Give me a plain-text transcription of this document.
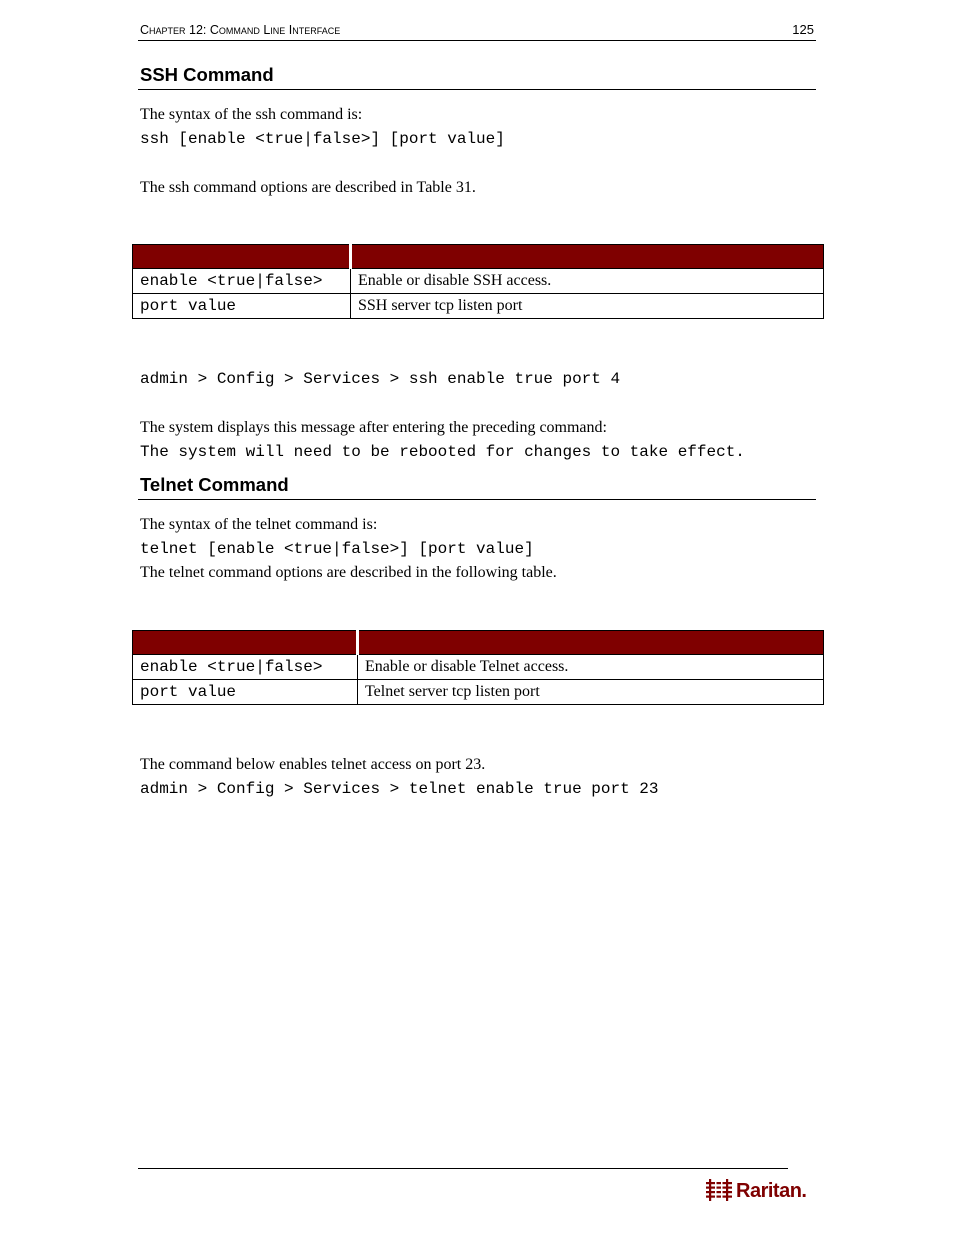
Chapter 12: Command Line Interface	125
SSH Command
The syntax of the ssh command is:
ssh [enable <true|false>] [port value]
The ssh command options are described in Table 31.

enable <true|false>	Enable or disable SSH access.
port value	SSH server tcp listen port
admin > Config > Services > ssh enable true port 4
The system displays this message after entering the preceding command:
The system will need to be rebooted for changes to take effect.
Telnet Command
The syntax of the telnet command is:
telnet [enable <true|false>] [port value]
The telnet command options are described in the following table.

enable <true|false>	Enable or disable Telnet access.
port value	Telnet server tcp listen port
The command below enables telnet access on port 23.
admin > Config > Services > telnet enable true port 23
Raritan.
